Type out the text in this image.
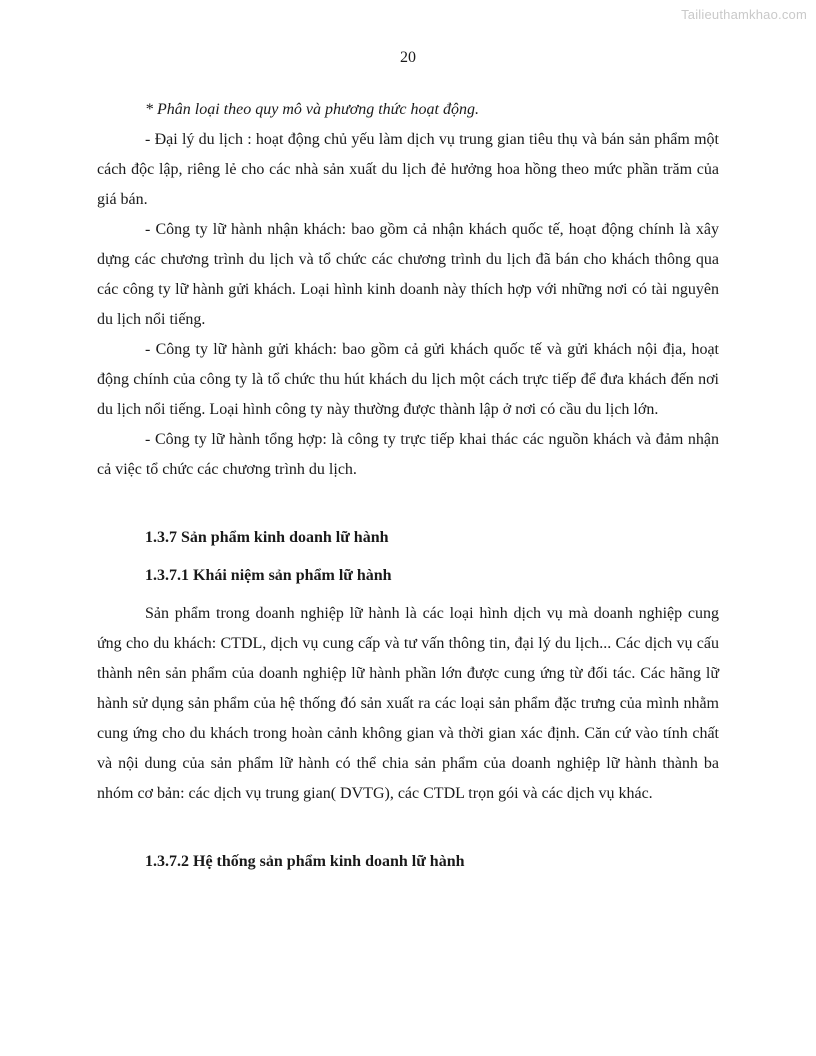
Tailieuthamkhao.com
20

* Phân loại theo quy mô và phương thức hoạt động.

- Đại lý du lịch : hoạt động chủ yếu làm dịch vụ trung gian tiêu thụ và bán sản phẩm một cách độc lập, riêng lẻ cho các nhà sản xuất du lịch đẻ hưởng hoa hồng theo mức phần trăm của giá bán.

- Công ty lữ hành nhận khách: bao gồm cả nhận khách quốc tế, hoạt động chính là xây dựng các chương trình du lịch và tổ chức các chương trình du lịch đã bán cho khách thông qua các công ty lữ hành gửi khách. Loại hình kinh doanh này thích hợp với những nơi có tài nguyên du lịch nổi tiếng.

- Công ty lữ hành gửi khách: bao gồm cả gửi khách quốc tế và gửi khách nội địa, hoạt động chính của công ty là tổ chức thu hút khách du lịch một cách trực tiếp để đưa khách đến nơi du lịch nổi tiếng. Loại hình công ty này thường được thành lập ở nơi có cầu du lịch lớn.

- Công ty lữ hành tổng hợp: là công ty trực tiếp khai thác các nguồn khách và đảm nhận cả việc tổ chức các chương trình du lịch.

1.3.7 Sản phẩm kinh doanh lữ hành

1.3.7.1 Khái niệm sản phẩm lữ hành

Sản phẩm trong doanh nghiệp lữ hành là các loại hình dịch vụ mà doanh nghiệp cung ứng cho du khách: CTDL, dịch vụ cung cấp và tư vấn thông tin, đại lý du lịch... Các dịch vụ cấu thành nên sản phẩm của doanh nghiệp lữ hành phần lớn được cung ứng từ đối tác. Các hãng lữ hành sử dụng sản phẩm của hệ thống đó sản xuất ra các loại sản phẩm đặc trưng của mình nhằm cung ứng cho du khách trong hoàn cảnh không gian và thời gian xác định. Căn cứ vào tính chất và nội dung của sản phẩm lữ hành có thể chia sản phẩm của doanh nghiệp lữ hành thành ba nhóm cơ bản: các dịch vụ trung gian( DVTG), các CTDL trọn gói và các dịch vụ khác.

1.3.7.2 Hệ thống sản phẩm kinh doanh lữ hành
